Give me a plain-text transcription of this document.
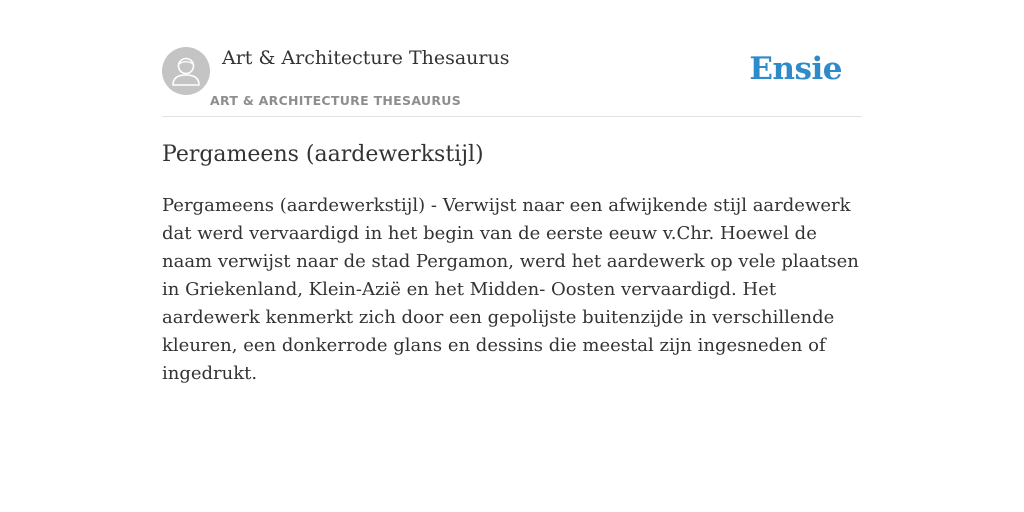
Art & Architecture Thesaurus
ART & ARCHITECTURE THESAURUS
Ensie
Pergameens (aardewerkstijl)

Pergameens (aardewerkstijl) - Verwijst naar een afwijkende stijl aardewerk dat werd vervaardigd in het begin van de eerste eeuw v.Chr. Hoewel de naam verwijst naar de stad Pergamon, werd het aardewerk op vele plaatsen in Griekenland, Klein-Azië en het Midden- Oosten vervaardigd. Het aardewerk kenmerkt zich door een gepolijste buitenzijde in verschillende kleuren, een donkerrode glans en dessins die meestal zijn ingesneden of ingedrukt.
